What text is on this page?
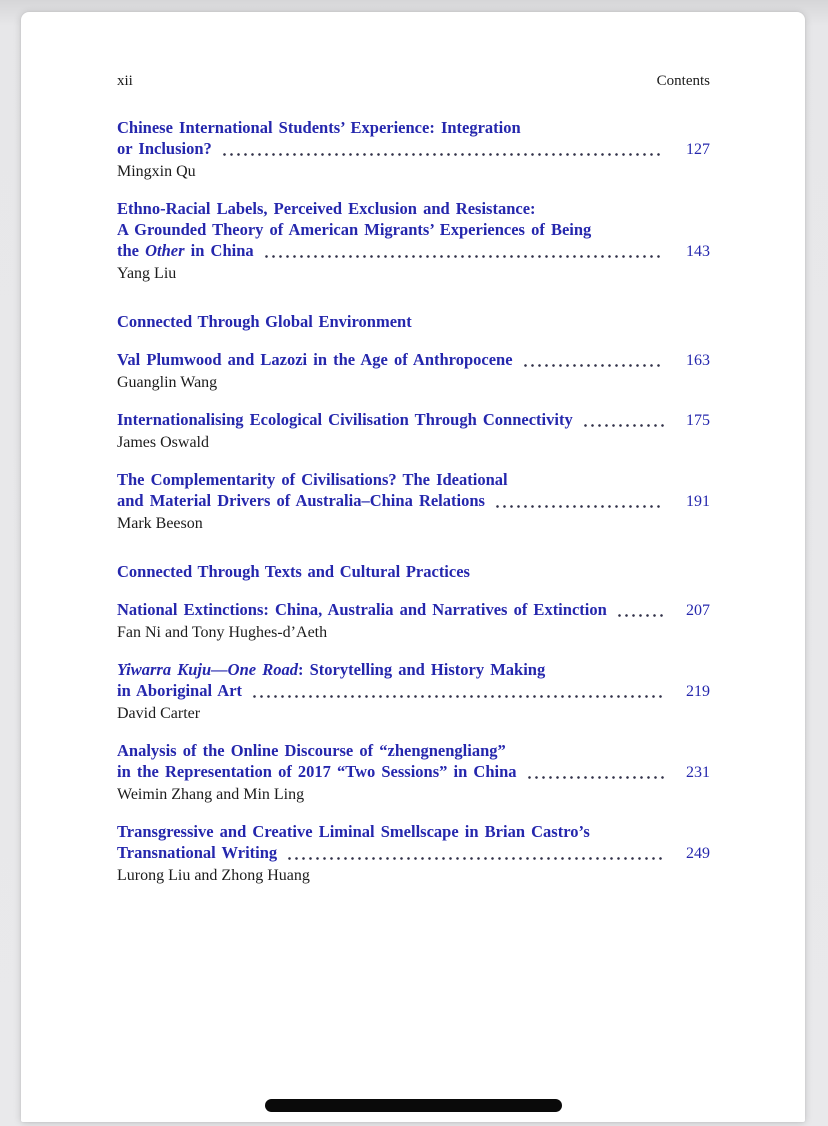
xii	Contents
Chinese International Students’ Experience: Integration
or Inclusion?	127
Mingxin Qu
Ethno-Racial Labels, Perceived Exclusion and Resistance:
A Grounded Theory of American Migrants’ Experiences of Being
the Other in China	143
Yang Liu
Connected Through Global Environment
Val Plumwood and Lazozi in the Age of Anthropocene	163
Guanglin Wang
Internationalising Ecological Civilisation Through Connectivity	175
James Oswald
The Complementarity of Civilisations? The Ideational
and Material Drivers of Australia–China Relations	191
Mark Beeson
Connected Through Texts and Cultural Practices
National Extinctions: China, Australia and Narratives of Extinction	207
Fan Ni and Tony Hughes-d’Aeth
Yiwarra Kuju—One Road: Storytelling and History Making
in Aboriginal Art	219
David Carter
Analysis of the Online Discourse of “zhengnengliang”
in the Representation of 2017 “Two Sessions” in China	231
Weimin Zhang and Min Ling
Transgressive and Creative Liminal Smellscape in Brian Castro’s
Transnational Writing	249
Lurong Liu and Zhong Huang
